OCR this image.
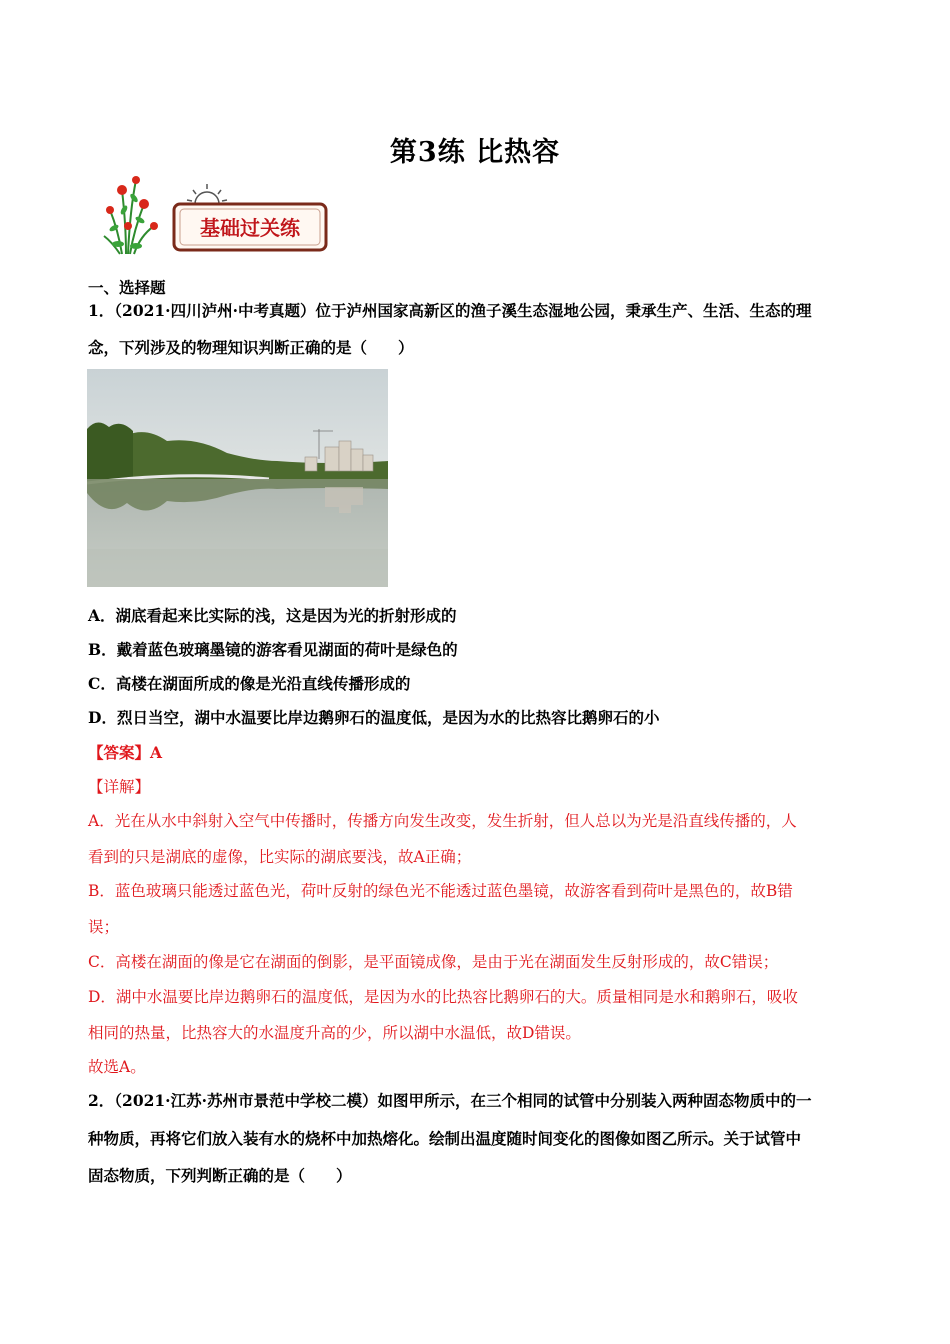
第3练 比热容
基础过关练
一、选择题
1．（2021·四川泸州·中考真题）位于泸州国家高新区的渔子溪生态湿地公园，秉承生产、生活、生态的理
念，下列涉及的物理知识判断正确的是（　　）
A．湖底看起来比实际的浅，这是因为光的折射形成的
B．戴着蓝色玻璃墨镜的游客看见湖面的荷叶是绿色的
C．高楼在湖面所成的像是光沿直线传播形成的
D．烈日当空，湖中水温要比岸边鹅卵石的温度低，是因为水的比热容比鹅卵石的小
【答案】A
【详解】
A．光在从水中斜射入空气中传播时，传播方向发生改变，发生折射，但人总以为光是沿直线传播的，人
看到的只是湖底的虚像，比实际的湖底要浅，故A正确；
B．蓝色玻璃只能透过蓝色光，荷叶反射的绿色光不能透过蓝色墨镜，故游客看到荷叶是黑色的，故B错
误；
C．高楼在湖面的像是它在湖面的倒影，是平面镜成像，是由于光在湖面发生反射形成的，故C错误；
D．湖中水温要比岸边鹅卵石的温度低，是因为水的比热容比鹅卵石的大。质量相同是水和鹅卵石，吸收
相同的热量，比热容大的水温度升高的少，所以湖中水温低，故D错误。
故选A。
2．（2021·江苏·苏州市景范中学校二模）如图甲所示，在三个相同的试管中分别装入两种固态物质中的一
种物质，再将它们放入装有水的烧杯中加热熔化。绘制出温度随时间变化的图像如图乙所示。关于试管中
固态物质，下列判断正确的是（　　）
